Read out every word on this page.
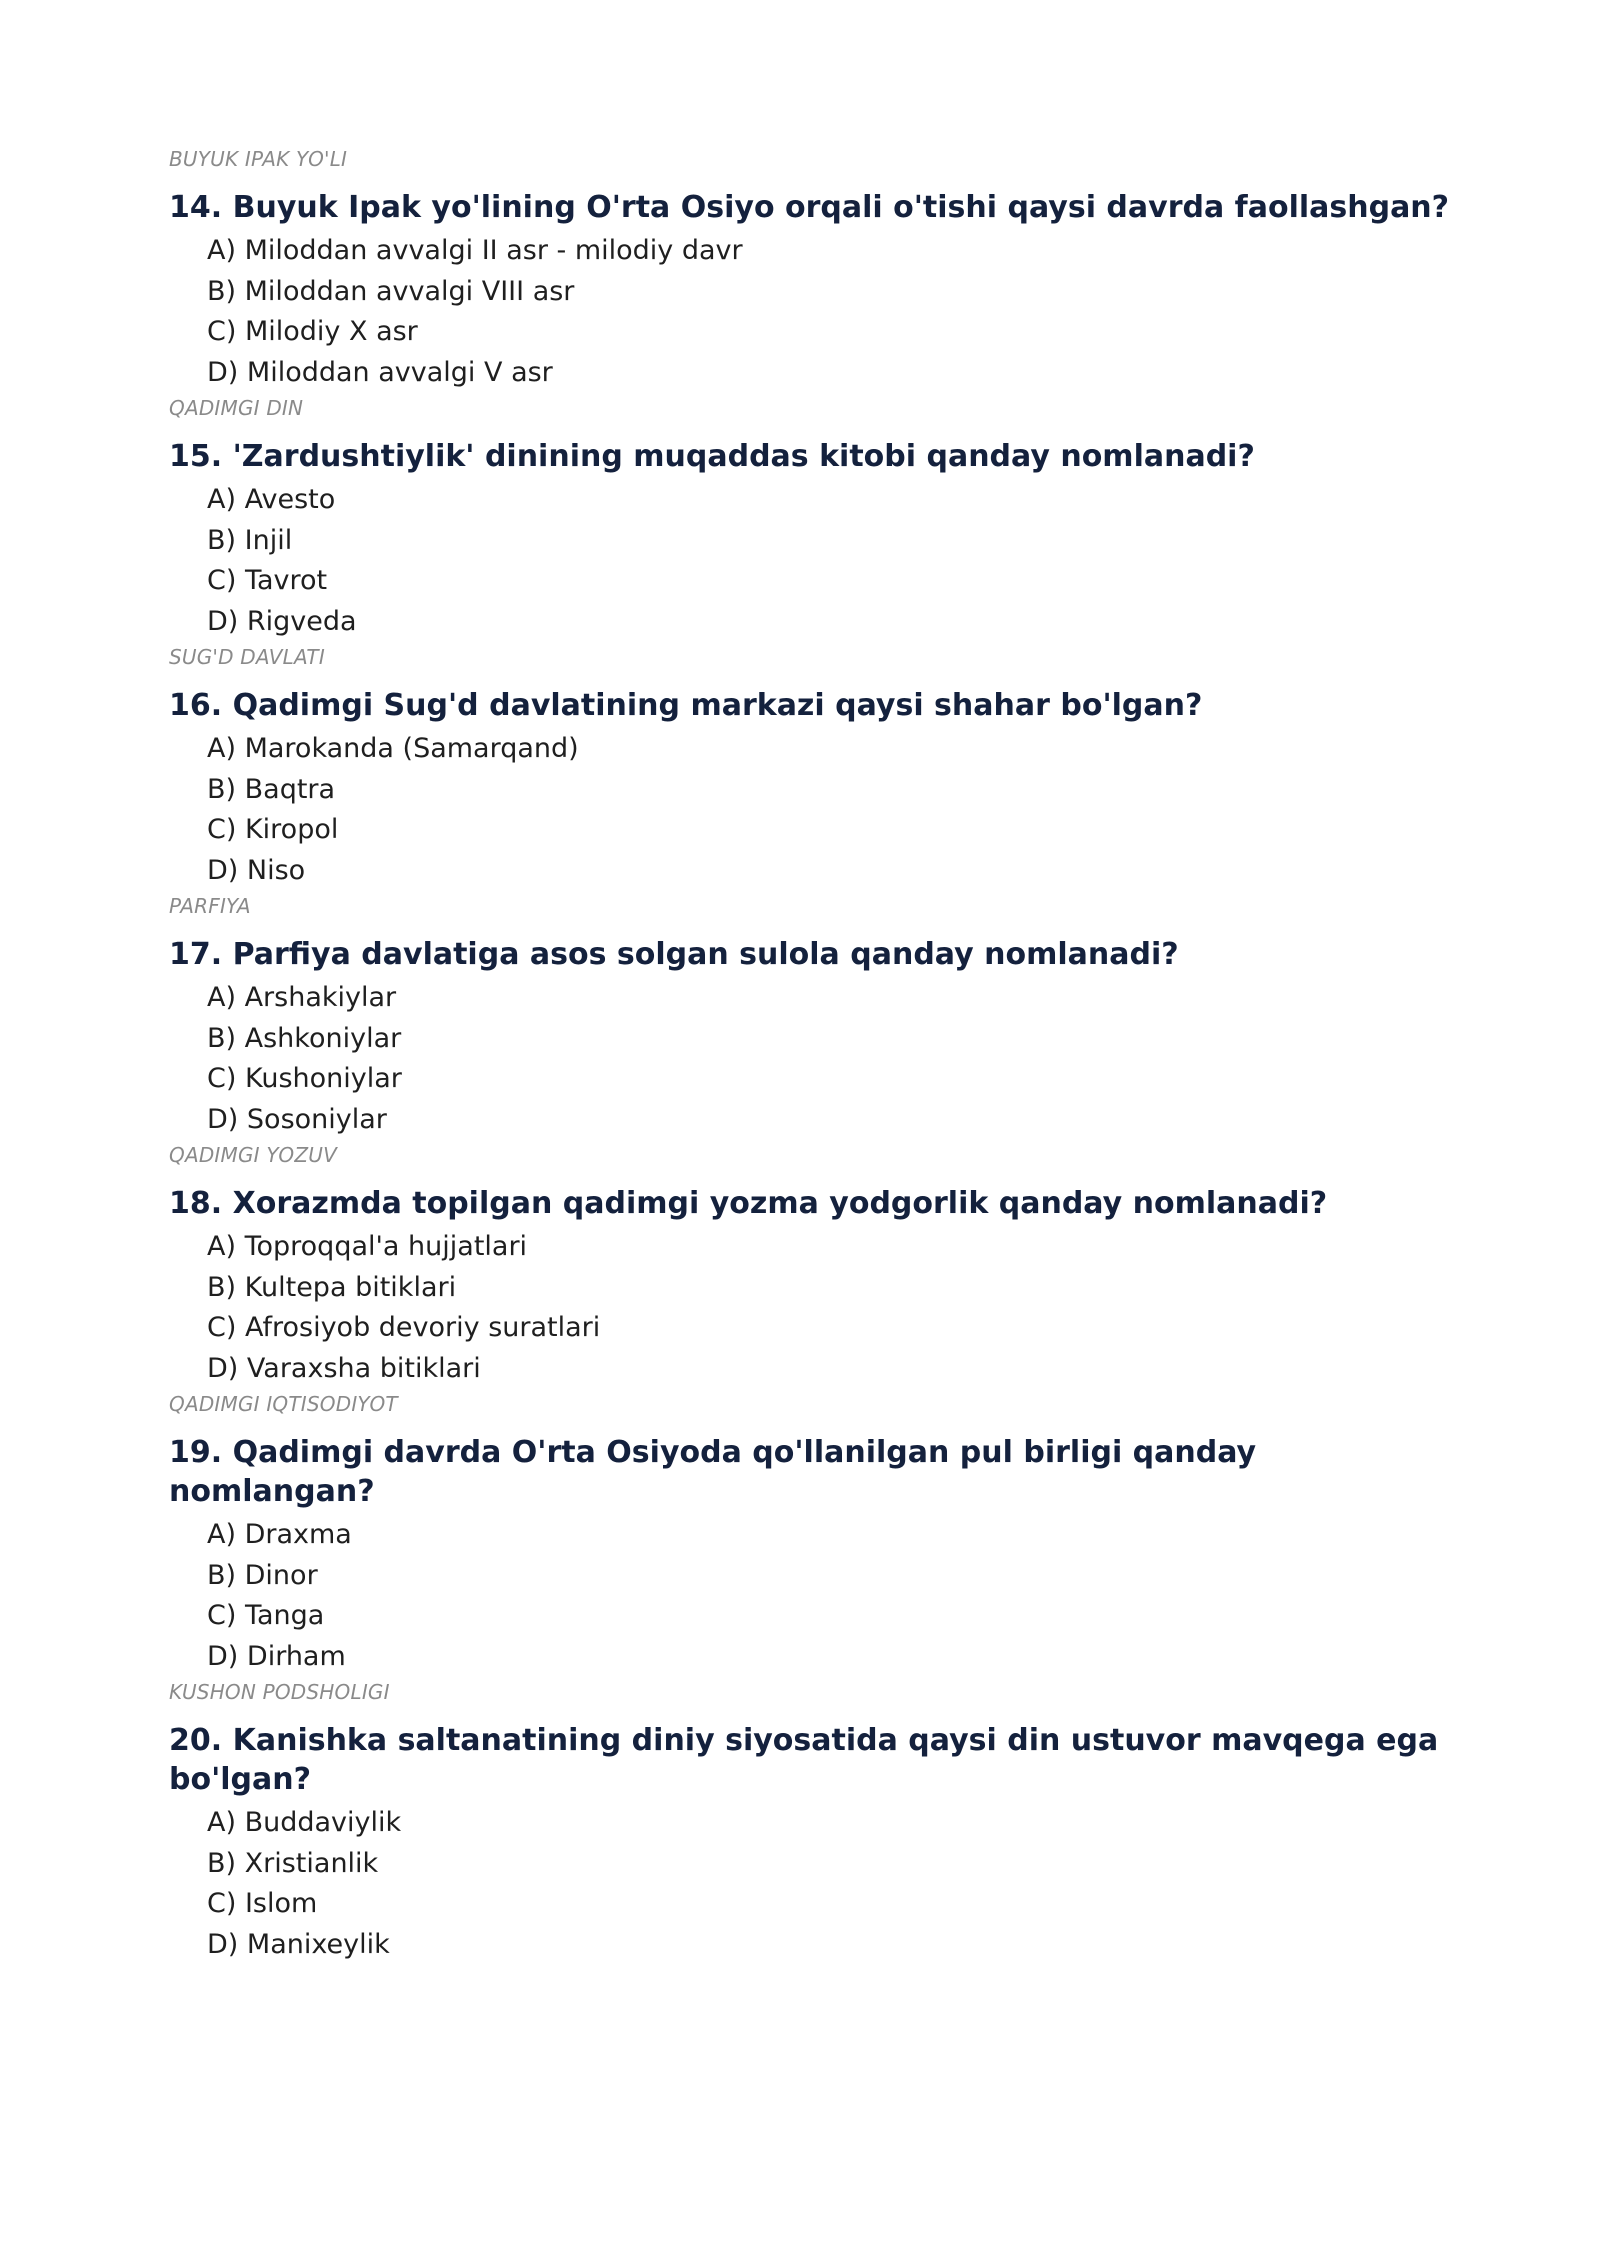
BUYUK IPAK YO'LI
14. Buyuk Ipak yo'lining O'rta Osiyo orqali o'tishi qaysi davrda faollashgan?
A) Miloddan avvalgi II asr - milodiy davr
B) Miloddan avvalgi VIII asr
C) Milodiy X asr
D) Miloddan avvalgi V asr
QADIMGI DIN
15. 'Zardushtiylik' dinining muqaddas kitobi qanday nomlanadi?
A) Avesto
B) Injil
C) Tavrot
D) Rigveda
SUG'D DAVLATI
16. Qadimgi Sug'd davlatining markazi qaysi shahar bo'lgan?
A) Marokanda (Samarqand)
B) Baqtra
C) Kiropol
D) Niso
PARFIYA
17. Parfiya davlatiga asos solgan sulola qanday nomlanadi?
A) Arshakiylar
B) Ashkoniylar
C) Kushoniylar
D) Sosoniylar
QADIMGI YOZUV
18. Xorazmda topilgan qadimgi yozma yodgorlik qanday nomlanadi?
A) Toproqqal'a hujjatlari
B) Kultepa bitiklari
C) Afrosiyob devoriy suratlari
D) Varaxsha bitiklari
QADIMGI IQTISODIYOT
19. Qadimgi davrda O'rta Osiyoda qo'llanilgan pul birligi qanday nomlangan?
A) Draxma
B) Dinor
C) Tanga
D) Dirham
KUSHON PODSHOLIGI
20. Kanishka saltanatining diniy siyosatida qaysi din ustuvor mavqega ega bo'lgan?
A) Buddaviylik
B) Xristianlik
C) Islom
D) Manixeylik
